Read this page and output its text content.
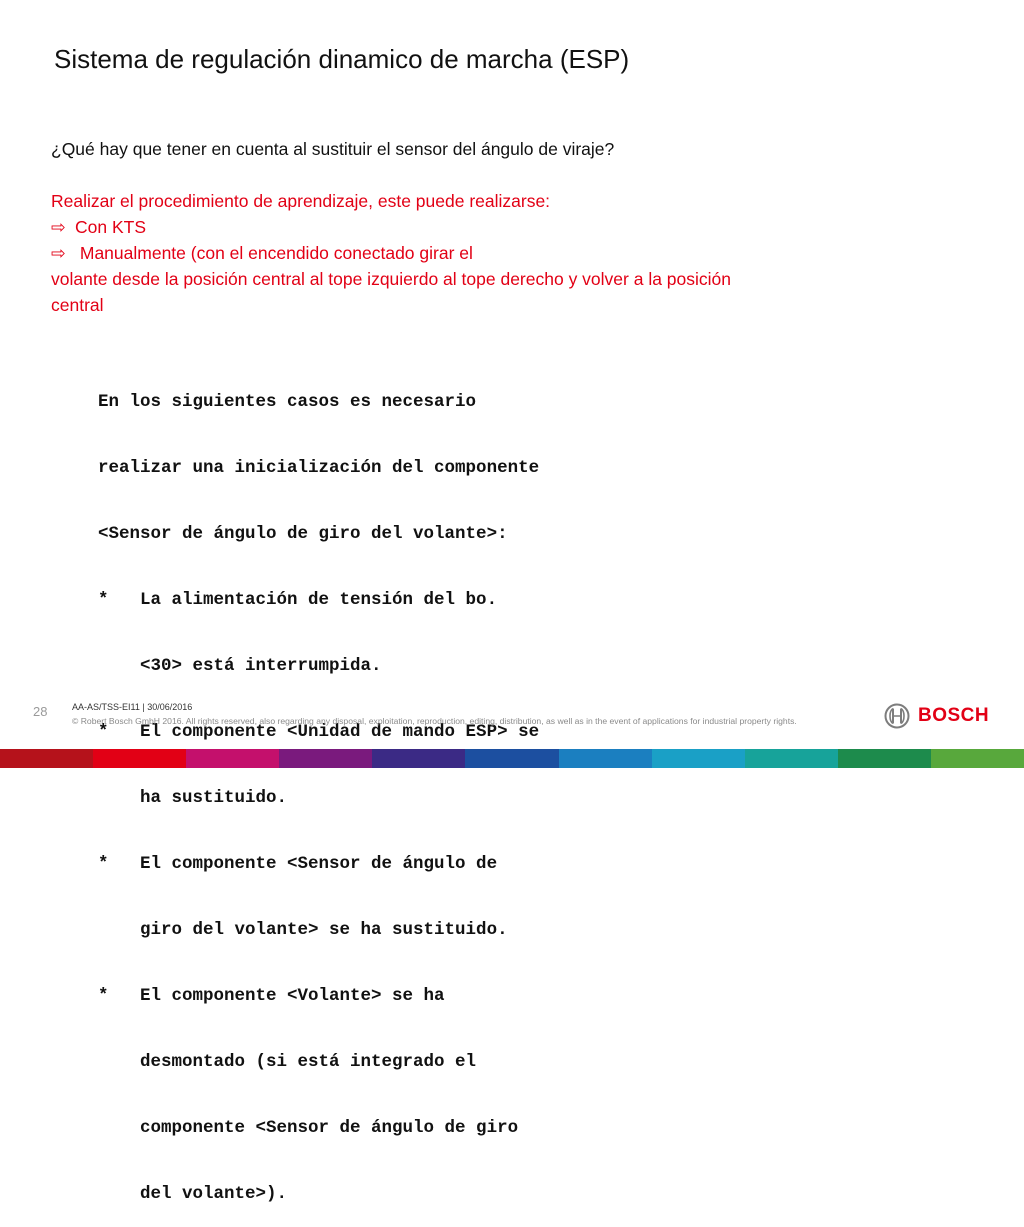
Sistema de regulación dinamico de marcha (ESP)
¿Qué hay que tener en cuenta al sustituir el sensor del ángulo de viraje?
Realizar el procedimiento de aprendizaje, este puede realizarse:
⇨ Con KTS
⇨ Manualmente (con el encendido conectado girar el
volante desde la posición central al tope izquierdo al tope derecho y volver a la posición
central

En los siguientes casos es necesario

realizar una inicialización del componente

<Sensor de ángulo de giro del volante>:

*   La alimentación de tensión del bo.

<30> está interrumpida.

*   El componente <Unidad de mando ESP> se

ha sustituido.

*   El componente <Sensor de ángulo de

giro del volante> se ha sustituido.

*   El componente <Volante> se ha

desmontado (si está integrado el

componente <Sensor de ángulo de giro

del volante>).

28	AA-AS/TSS-EI11 | 30/06/2016
© Robert Bosch GmbH 2016. All rights reserved, also regarding any disposal, exploitation, reproduction, editing, distribution, as well as in the event of applications for industrial property rights.	BOSCH
